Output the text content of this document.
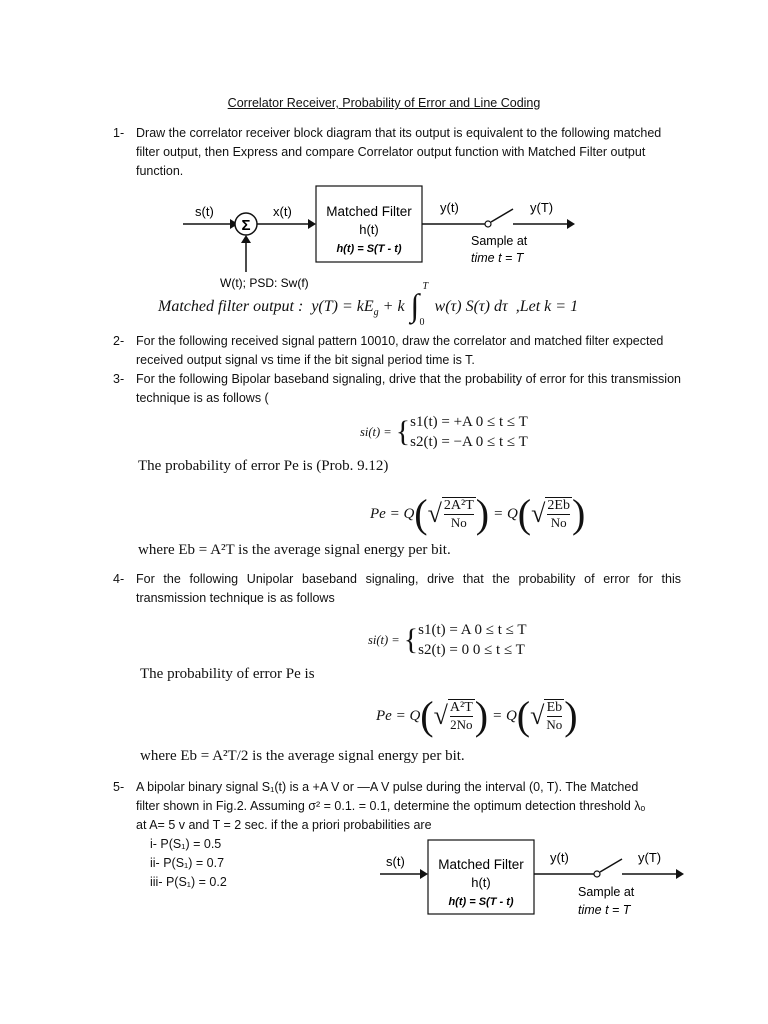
Correlator Receiver, Probability of Error and Line Coding
1- Draw the correlator receiver block diagram that its output is equivalent to the following matched filter output, then Express and compare Correlator output function with Matched Filter output function.
s(t)
Σ
x(t)	Matched Filter
h(t)
h(t) = S(T - t)
y(t)	y(T)
Sample at
time t = T
W(t); PSD: Sw(f)
Matched filter output : y(T) = kE g + k ∫
T
0
w(τ) S(τ) dτ ,Let k = 1
2- For the following received signal pattern 10010, draw the correlator and matched filter expected received output signal vs time if the bit signal period time is T.
3- For the following Bipolar baseband signaling, drive that the probability of error for this transmission technique is as follows (
si(t) = { s1(t) = +A 0 ≤ t ≤ T
s2(t) = −A 0 ≤ t ≤ T
The probability of error Pe is (Prob. 9.12)
Pe = Q ( √ $\frac{\text{2A²T}}{No}$ ) = Q ( √ $\frac{2Eb}{No}$ )
where Eb = A²T is the average signal energy per bit.
4- For the following Unipolar baseband signaling, drive that the probability of error for this transmission technique is as follows
si(t) = { s1(t) = A 0 ≤ t ≤ T
s2(t) = 0 0 ≤ t ≤ T
The probability of error Pe is
Pe = Q ( √ $\frac{\text{A²T}}{2No}$ ) = Q ( √ $\frac{Eb}{No}$ )
where Eb = A²T/2 is the average signal energy per bit.
5- A bipolar binary signal S₁(t) is a +A V or —A V pulse during the interval (0, T). The Matched
filter shown in Fig.2. Assuming σ² = 0.1. = 0.1, determine the optimum detection threshold λₒ
at A= 5 v and T = 2 sec. if the a priori probabilities are
i- P(S₁) = 0.5
ii- P(S₁) = 0.7
iii- P(S₁) = 0.2
s(t) Matched Filter
h(t)
h(t) = S(T - t)
y(t)	y(T)
Sample at
time t = T
